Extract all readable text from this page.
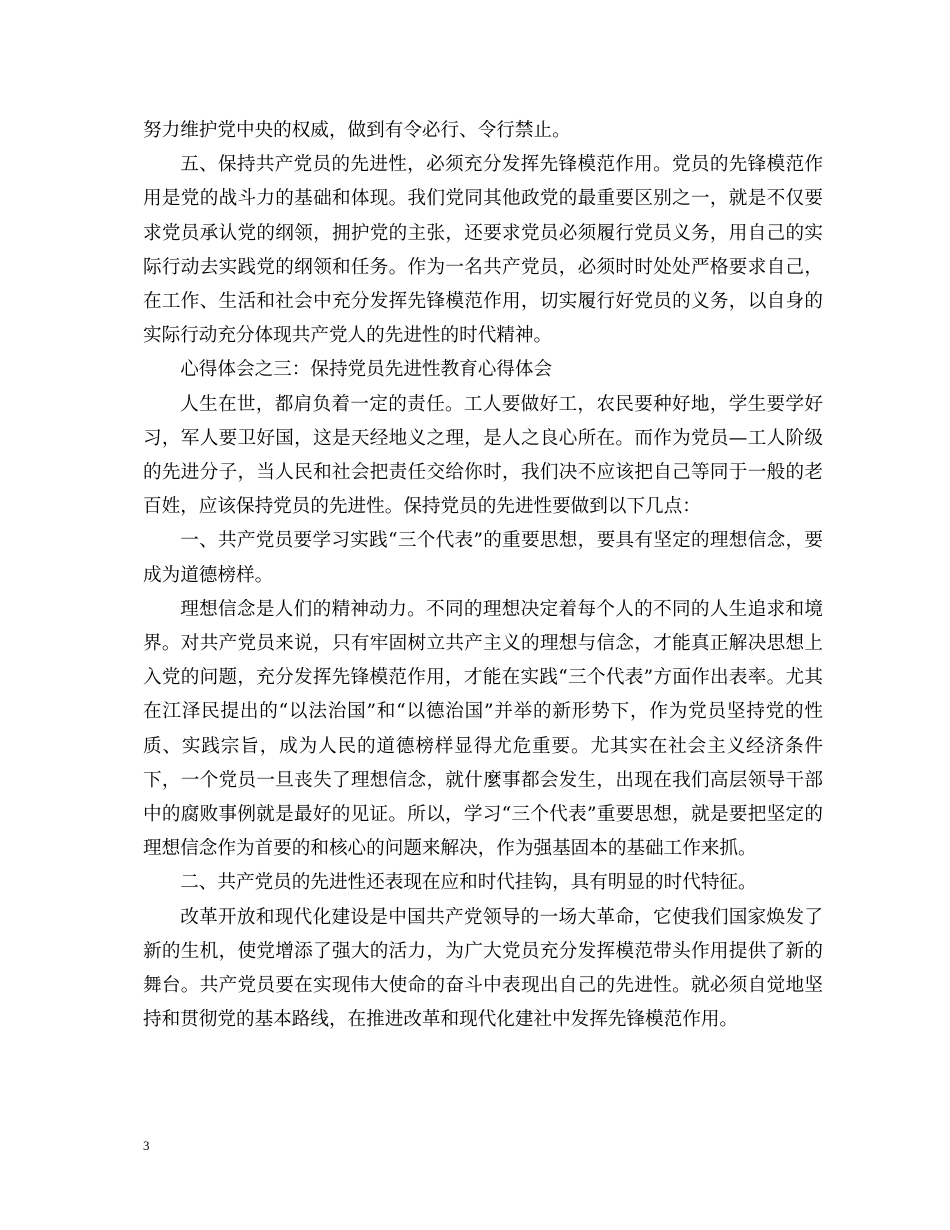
努力维护党中央的权威，做到有令必行、令行禁止。

五、保持共产党员的先进性，必须充分发挥先锋模范作用。党员的先锋模范作用是党的战斗力的基础和体现。我们党同其他政党的最重要区别之一，就是不仅要求党员承认党的纲领，拥护党的主张，还要求党员必须履行党员义务，用自己的实际行动去实践党的纲领和任务。作为一名共产党员，必须时时处处严格要求自己，在工作、生活和社会中充分发挥先锋模范作用，切实履行好党员的义务，以自身的实际行动充分体现共产党人的先进性的时代精神。

心得体会之三：保持党员先进性教育心得体会

人生在世，都肩负着一定的责任。工人要做好工，农民要种好地，学生要学好习，军人要卫好国，这是天经地义之理，是人之良心所在。而作为党员—工人阶级的先进分子，当人民和社会把责任交给你时，我们决不应该把自己等同于一般的老百姓，应该保持党员的先进性。保持党员的先进性要做到以下几点：

一、共产党员要学习实践“三个代表”的重要思想，要具有坚定的理想信念，要成为道德榜样。

理想信念是人们的精神动力。不同的理想决定着每个人的不同的人生追求和境界。对共产党员来说，只有牢固树立共产主义的理想与信念，才能真正解决思想上入党的问题，充分发挥先锋模范作用，才能在实践“三个代表”方面作出表率。尤其在江泽民提出的“以法治国”和“以德治国”并举的新形势下，作为党员坚持党的性质、实践宗旨，成为人民的道德榜样显得尤危重要。尤其实在社会主义经济条件下，一个党员一旦丧失了理想信念，就什麼事都会发生，出现在我们高层领导干部中的腐败事例就是最好的见证。所以，学习“三个代表”重要思想，就是要把坚定的理想信念作为首要的和核心的问题来解决，作为强基固本的基础工作来抓。

二、共产党员的先进性还表现在应和时代挂钩，具有明显的时代特征。

改革开放和现代化建设是中国共产党领导的一场大革命，它使我们国家焕发了新的生机，使党增添了强大的活力，为广大党员充分发挥模范带头作用提供了新的舞台。共产党员要在实现伟大使命的奋斗中表现出自己的先进性。就必须自觉地坚持和贯彻党的基本路线，在推进改革和现代化建社中发挥先锋模范作用。

3
